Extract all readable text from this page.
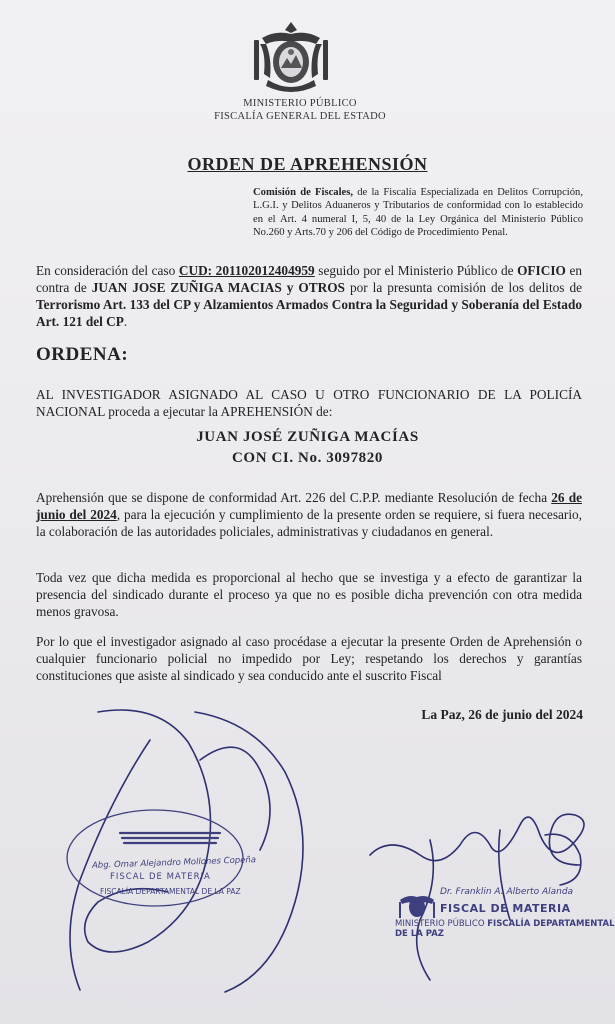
MINISTERIO PÚBLICO
FISCALÍA GENERAL DEL ESTADO
ORDEN DE APREHENSIÓN
Comisión de Fiscales, de la Fiscalía Especializada en Delitos Corrupción, L.G.I. y Delitos Aduaneros y Tributarios de conformidad con lo establecido en el Art. 4 numeral I, 5, 40 de la Ley Orgánica del Ministerio Público No.260 y Arts.70 y 206 del Código de Procedimiento Penal.
En consideración del caso CUD: 201102012404959 seguido por el Ministerio Público de OFICIO en contra de JUAN JOSE ZUÑIGA MACIAS y OTROS por la presunta comisión de los delitos de Terrorismo Art. 133 del CP y Alzamientos Armados Contra la Seguridad y Soberanía del Estado Art. 121 del CP.
ORDENA:
AL INVESTIGADOR ASIGNADO AL CASO U OTRO FUNCIONARIO DE LA POLICÍA NACIONAL proceda a ejecutar la APREHENSIÓN de:
JUAN JOSÉ ZUÑIGA MACÍAS
CON CI. No. 3097820
Aprehensión que se dispone de conformidad Art. 226 del C.P.P. mediante Resolución de fecha 26 de junio del 2024, para la ejecución y cumplimiento de la presente orden se requiere, si fuera necesario, la colaboración de las autoridades policiales, administrativas y ciudadanos en general.
Toda vez que dicha medida es proporcional al hecho que se investiga y a efecto de garantizar la presencia del sindicado durante el proceso ya que no es posible dicha prevención con otra medida menos gravosa.
Por lo que el investigador asignado al caso procédase a ejecutar la presente Orden de Aprehensión o cualquier funcionario policial no impedido por Ley; respetando los derechos y garantías constituciones que asiste al sindicado y sea conducido ante el suscrito Fiscal
La Paz, 26 de junio del 2024
Abg. Omar Alejandro Mollones Copeña
FISCAL DE MATERIA
FISCALÍA DEPARTAMENTAL DE LA PAZ	Dr. Franklin A. Alberto Alanda
FISCAL DE MATERIA
MINISTERIO PÚBLICO FISCALÍA DEPARTAMENTAL DE LA PAZ
